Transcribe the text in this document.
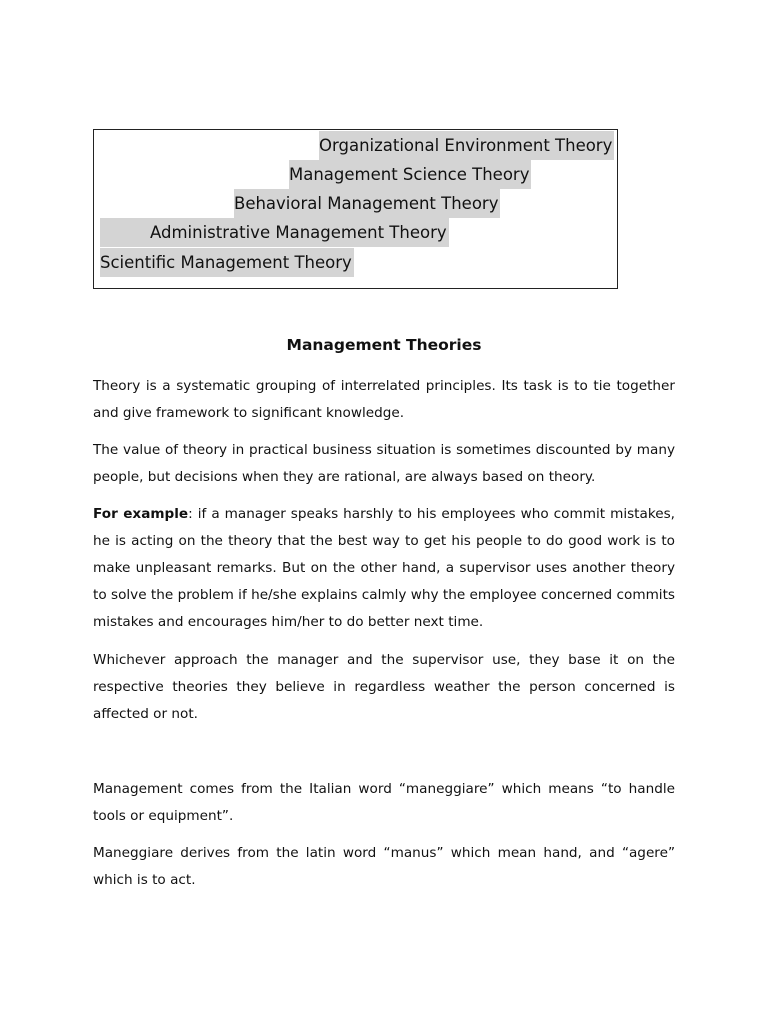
Organizational Environment Theory
Management Science Theory
Behavioral Management Theory
Administrative Management Theory
Scientific Management Theory
Management Theories

Theory is a systematic grouping of interrelated principles. Its task is to tie together and give framework to significant knowledge.

The value of theory in practical business situation is sometimes discounted by many people, but decisions when they are rational, are always based on theory.

For example: if a manager speaks harshly to his employees who commit mistakes, he is acting on the theory that the best way to get his people to do good work is to make unpleasant remarks. But on the other hand, a supervisor uses another theory to solve the problem if he/she explains calmly why the employee concerned commits mistakes and encourages him/her to do better next time.

Whichever approach the manager and the supervisor use, they base it on the respective theories they believe in regardless weather the person concerned is affected or not.

Management comes from the Italian word “maneggiare” which means “to handle tools or equipment”.

Maneggiare derives from the latin word “manus” which mean hand, and “agere” which is to act.
